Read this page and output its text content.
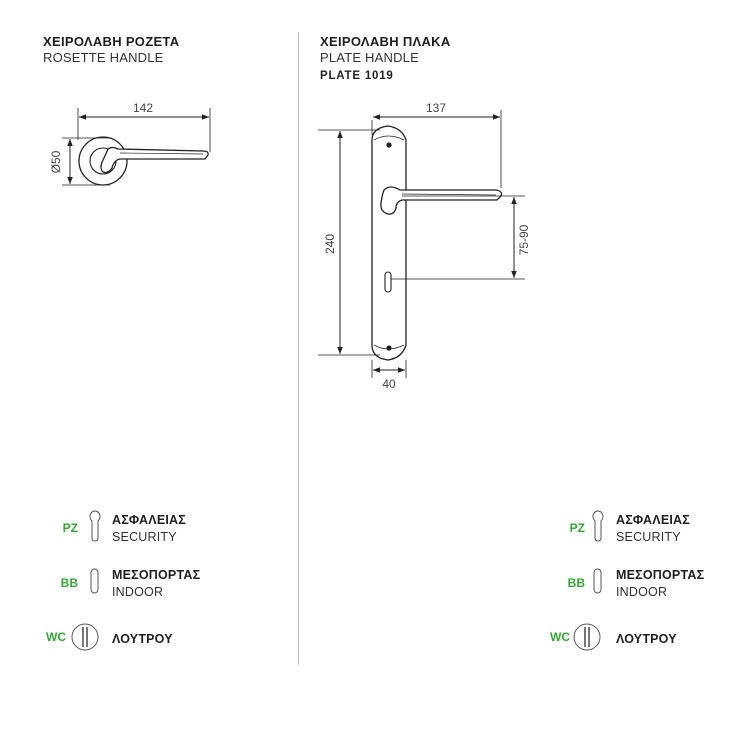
ΧΕΙΡΟΛΑΒΗ ΡΟΖΕΤΑ
ROSETTE HANDLE
ΧΕΙΡΟΛΑΒΗ ΠΛΑΚΑ
PLATE HANDLE
PLATE 1019
142
Ø50
137
240	75-90
40
PZ
ΑΣΦΑΛΕΙΑΣ
SECURITY
BB
ΜΕΣΟΠΟΡΤΑΣ
INDOOR
WC	ΛΟΥΤΡΟΥ
PZ
ΑΣΦΑΛΕΙΑΣ
SECURITY
BB
ΜΕΣΟΠΟΡΤΑΣ
INDOOR
WC	ΛΟΥΤΡΟΥ
